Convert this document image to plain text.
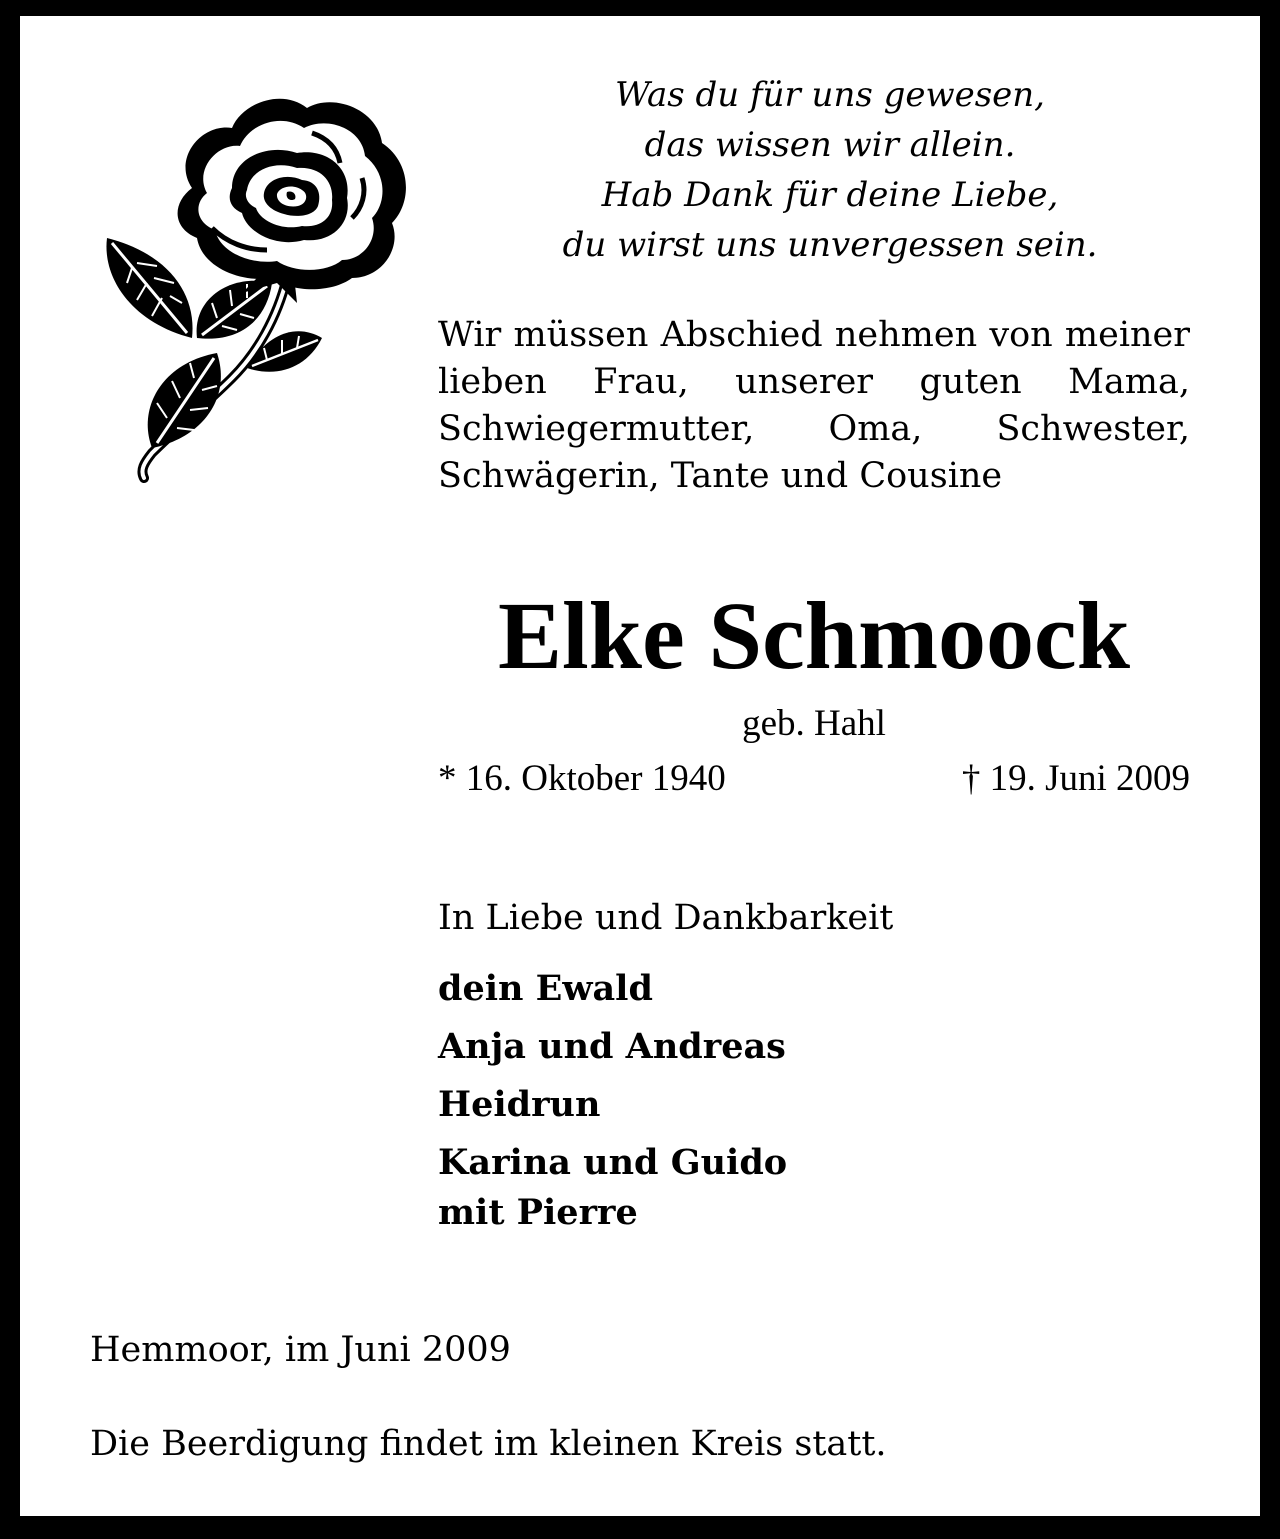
Was du für uns gewesen,
das wissen wir allein.
Hab Dank für deine Liebe,
du wirst uns unvergessen sein.
Wir müssen Abschied nehmen von meiner lieben Frau, unserer guten Mama, Schwiegermutter, Oma, Schwester, Schwägerin, Tante und Cousine
Elke Schmoock
geb. Hahl
* 16. Oktober 1940	† 19. Juni 2009
In Liebe und Dankbarkeit
dein Ewald
Anja und Andreas
Heidrun
Karina und Guido
mit Pierre
Hemmoor, im Juni 2009
Die Beerdigung findet im kleinen Kreis statt.
